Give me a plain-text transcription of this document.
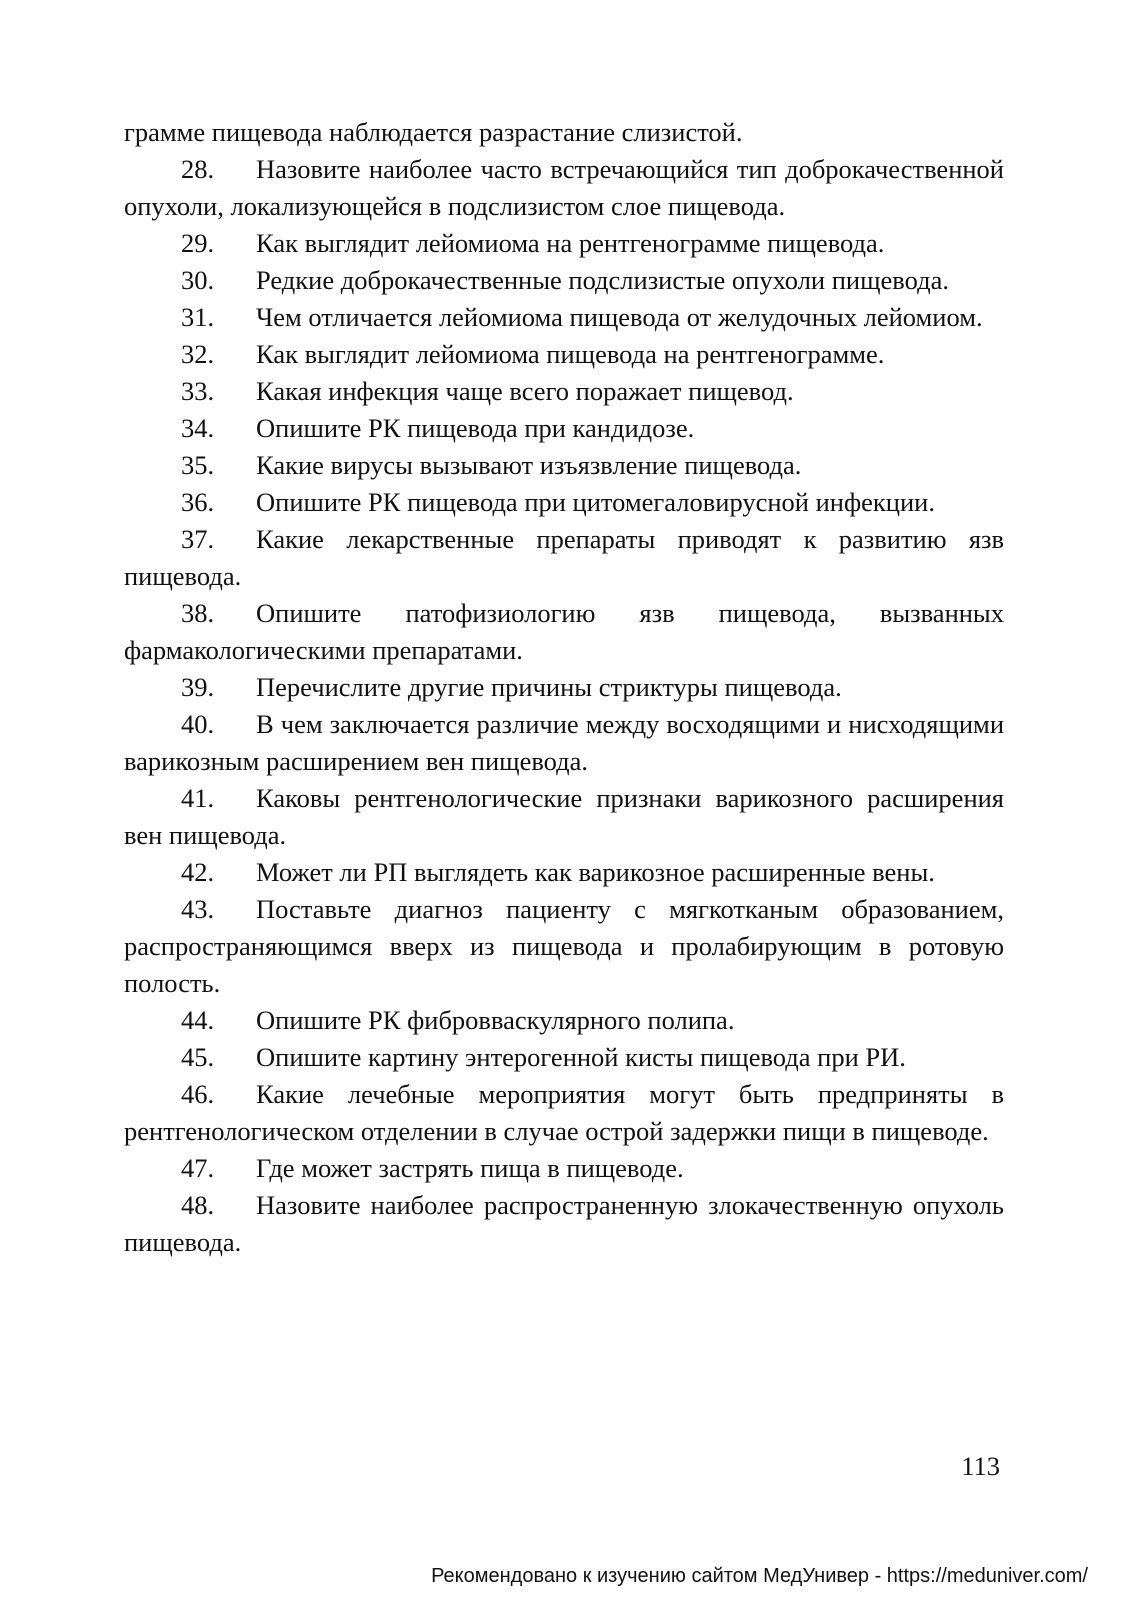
грамме пищевода наблюдается разрастание слизистой.

28. Назовите наиболее часто встречающийся тип доброкачественной опухоли, локализующейся в подслизистом слое пищевода.

29. Как выглядит лейомиома на рентгенограмме пищевода.

30. Редкие доброкачественные подслизистые опухоли пищевода.

31. Чем отличается лейомиома пищевода от желудочных лейомиом.

32. Как выглядит лейомиома пищевода на рентгенограмме.

33. Какая инфекция чаще всего поражает пищевод.

34. Опишите РК пищевода при кандидозе.

35. Какие вирусы вызывают изъязвление пищевода.

36. Опишите РК пищевода при цитомегаловирусной инфекции.

37. Какие лекарственные препараты приводят к развитию язв пищевода.

38. Опишите патофизиологию язв пищевода, вызванных фармакологическими препаратами.

39. Перечислите другие причины стриктуры пищевода.

40. В чем заключается различие между восходящими и нисходящими варикозным расширением вен пищевода.

41. Каковы рентгенологические признаки варикозного расширения вен пищевода.

42. Может ли РП выглядеть как варикозное расширенные вены.

43. Поставьте диагноз пациенту с мягкотканым образованием, распространяющимся вверх из пищевода и пролабирующим в ротовую полость.

44. Опишите РК фибровваскулярного полипа.

45. Опишите картину энтерогенной кисты пищевода при РИ.

46. Какие лечебные мероприятия могут быть предприняты в рентгенологическом отделении в случае острой задержки пищи в пищеводе.

47. Где может застрять пища в пищеводе.

48. Назовите наиболее распространенную злокачественную опухоль пищевода.

113
Рекомендовано к изучению сайтом МедУнивер - https://meduniver.com/
